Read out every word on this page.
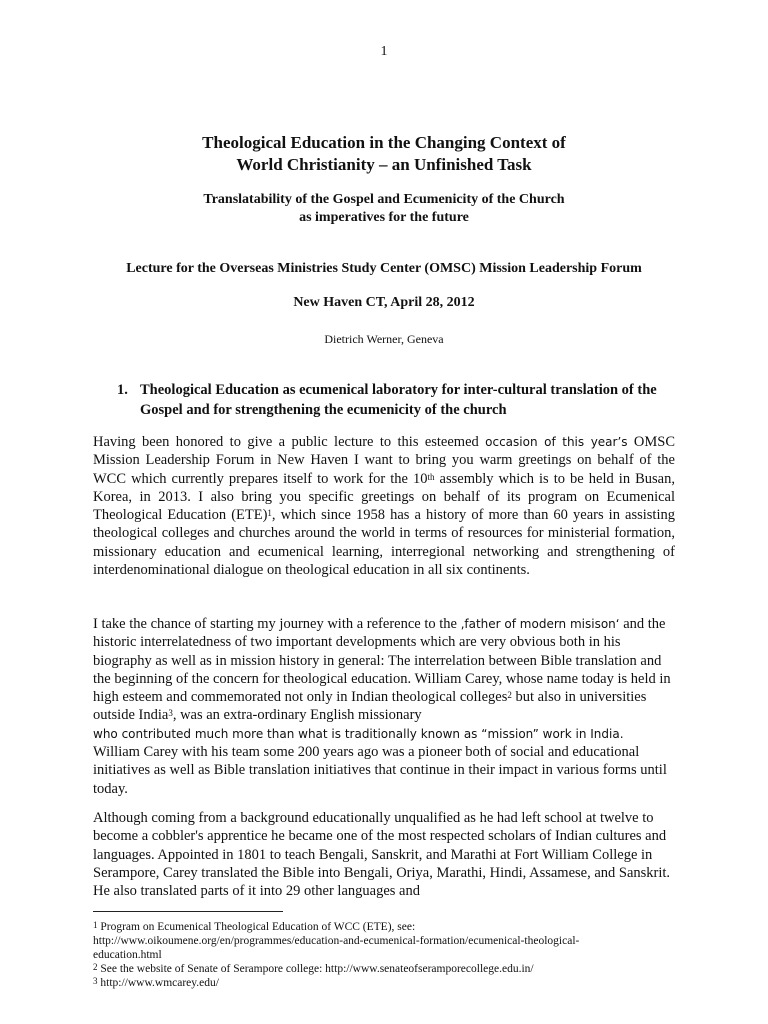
1
Theological Education in the Changing Context of
World Christianity – an Unfinished Task
Translatability of the Gospel and Ecumenicity of the Church
as imperatives for the future
Lecture for the Overseas Ministries Study Center (OMSC) Mission Leadership Forum
New Haven CT, April 28, 2012
Dietrich Werner, Geneva
1. Theological Education as ecumenical laboratory for inter-cultural translation of the Gospel and for strengthening the ecumenicity of the church
Having been honored to give a public lecture to this esteemed occasion of this year’s OMSC Mission Leadership Forum in New Haven I want to bring you warm greetings on behalf of the WCC which currently prepares itself to work for the 10th assembly which is to be held in Busan, Korea, in 2013. I also bring you specific greetings on behalf of its program on Ecumenical Theological Education (ETE)$^1$, which since 1958 has a history of more than 60 years in assisting theological colleges and churches around the world in terms of resources for ministerial formation, missionary education and ecumenical learning, interregional networking and strengthening of interdenominational dialogue on theological education in all six continents.
I take the chance of starting my journey with a reference to the ‚father of modern misison‘ and the historic interrelatedness of two important developments which are very obvious both in his biography as well as in mission history in general: The interrelation between Bible translation and the beginning of the concern for theological education. William Carey, whose name today is held in high esteem and commemorated not only in Indian theological colleges$^2$ but also in universities outside India$^3$, was an extra-ordinary English missionary
who contributed much more than what is traditionally known as “mission” work in India.
William Carey with his team some 200 years ago was a pioneer both of social and educational initiatives as well as Bible translation initiatives that continue in their impact in various forms until today.
Although coming from a background educationally unqualified as he had left school at twelve to become a cobbler's apprentice he became one of the most respected scholars of Indian cultures and languages. Appointed in 1801 to teach Bengali, Sanskrit, and Marathi at Fort William College in Serampore, Carey translated the Bible into Bengali, Oriya, Marathi, Hindi, Assamese, and Sanskrit. He also translated parts of it into 29 other languages and
$^1$ Program on Ecumenical Theological Education of WCC (ETE), see:
http://www.oikoumene.org/en/programmes/education-and-ecumenical-formation/ecumenical-theological-
education.html
$^2$ See the website of Senate of Serampore college: http://www.senateofseramporecollege.edu.in/
$^3$ http://www.wmcarey.edu/
